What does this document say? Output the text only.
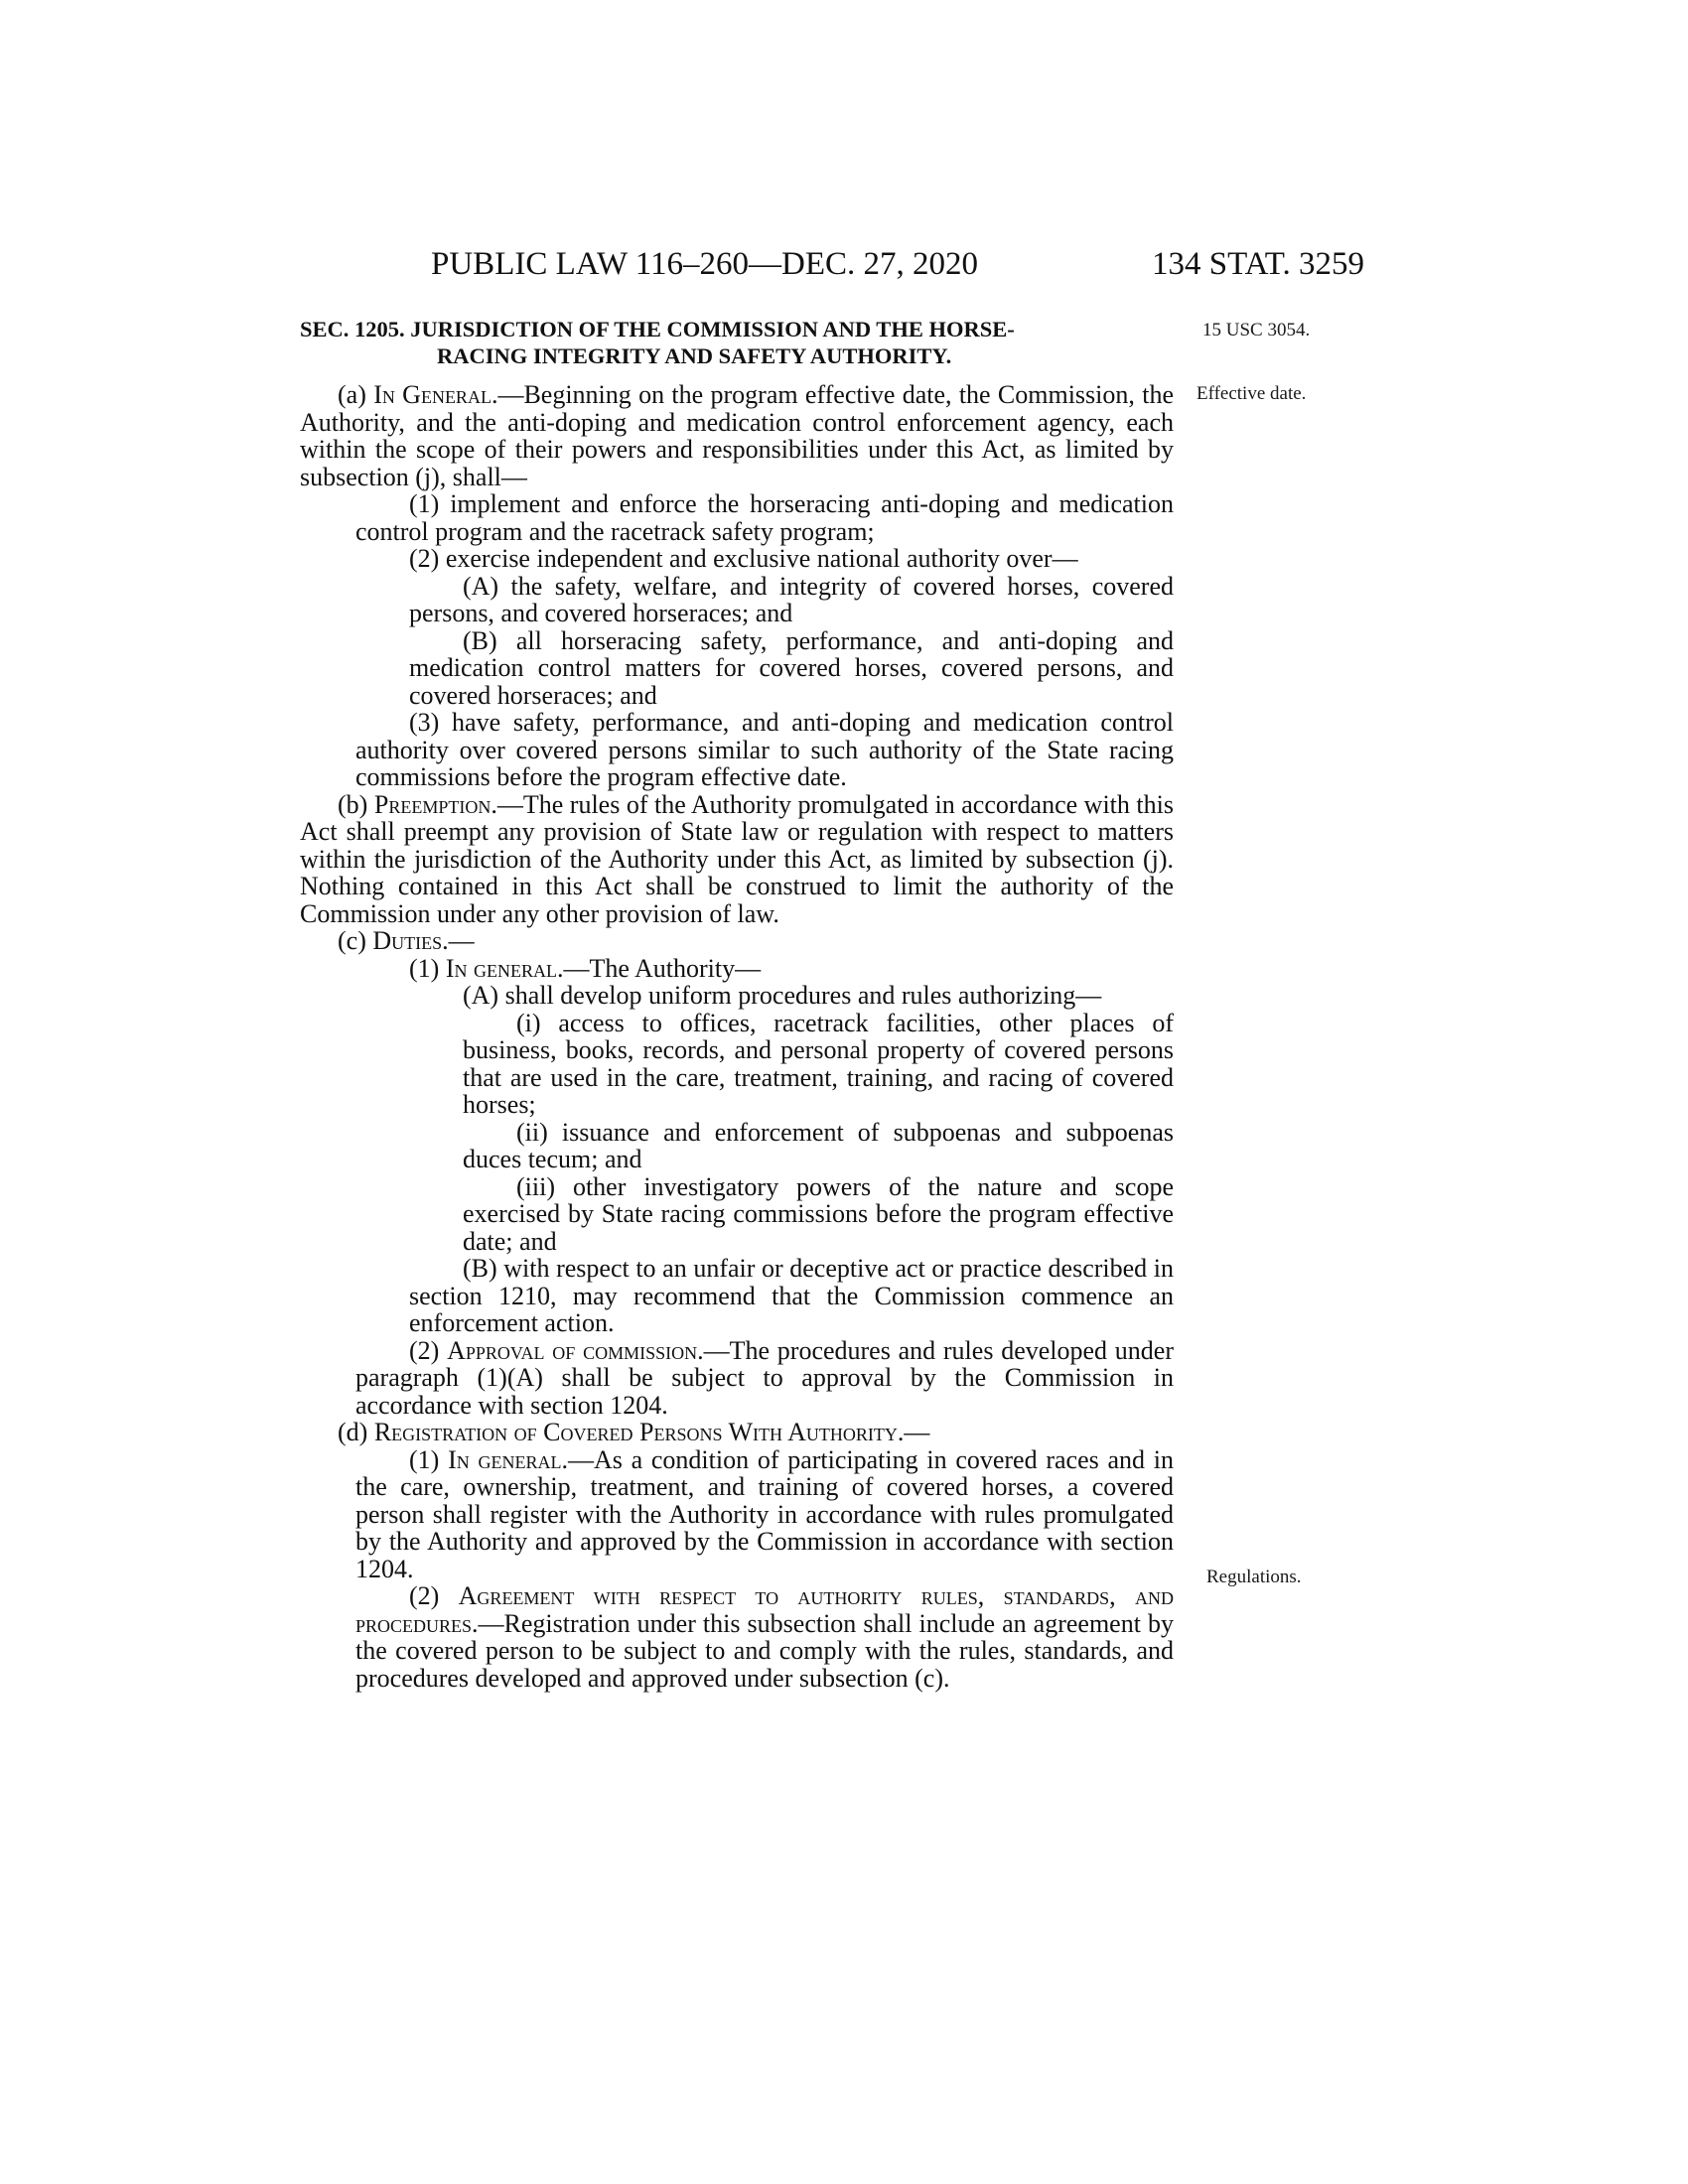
PUBLIC LAW 116–260—DEC. 27, 2020	134 STAT. 3259
15 USC 3054.
Effective date.
Regulations.
SEC. 1205. JURISDICTION OF THE COMMISSION AND THE HORSE-
RACING INTEGRITY AND SAFETY AUTHORITY.

(a) In General.—Beginning on the program effective date, the Commission, the Authority, and the anti-doping and medication control enforcement agency, each within the scope of their powers and responsibilities under this Act, as limited by subsection (j), shall—

(1) implement and enforce the horseracing anti-doping and medication control program and the racetrack safety program;

(2) exercise independent and exclusive national authority over—

(A) the safety, welfare, and integrity of covered horses, covered persons, and covered horseraces; and

(B) all horseracing safety, performance, and anti-doping and medication control matters for covered horses, covered persons, and covered horseraces; and

(3) have safety, performance, and anti-doping and medication control authority over covered persons similar to such authority of the State racing commissions before the program effective date.

(b) Preemption.—The rules of the Authority promulgated in accordance with this Act shall preempt any provision of State law or regulation with respect to matters within the jurisdiction of the Authority under this Act, as limited by subsection (j). Nothing contained in this Act shall be construed to limit the authority of the Commission under any other provision of law.

(c) Duties.—

(1) In general.—The Authority—

(A) shall develop uniform procedures and rules authorizing—

(i) access to offices, racetrack facilities, other places of business, books, records, and personal property of covered persons that are used in the care, treatment, training, and racing of covered horses;

(ii) issuance and enforcement of subpoenas and subpoenas duces tecum; and

(iii) other investigatory powers of the nature and scope exercised by State racing commissions before the program effective date; and

(B) with respect to an unfair or deceptive act or practice described in section 1210, may recommend that the Commission commence an enforcement action.

(2) Approval of commission.—The procedures and rules developed under paragraph (1)(A) shall be subject to approval by the Commission in accordance with section 1204.

(d) Registration of Covered Persons With Authority.—

(1) In general.—As a condition of participating in covered races and in the care, ownership, treatment, and training of covered horses, a covered person shall register with the Authority in accordance with rules promulgated by the Authority and approved by the Commission in accordance with section 1204.

(2) Agreement with respect to authority rules, standards, and procedures.—Registration under this subsection shall include an agreement by the covered person to be subject to and comply with the rules, standards, and procedures developed and approved under subsection (c).
